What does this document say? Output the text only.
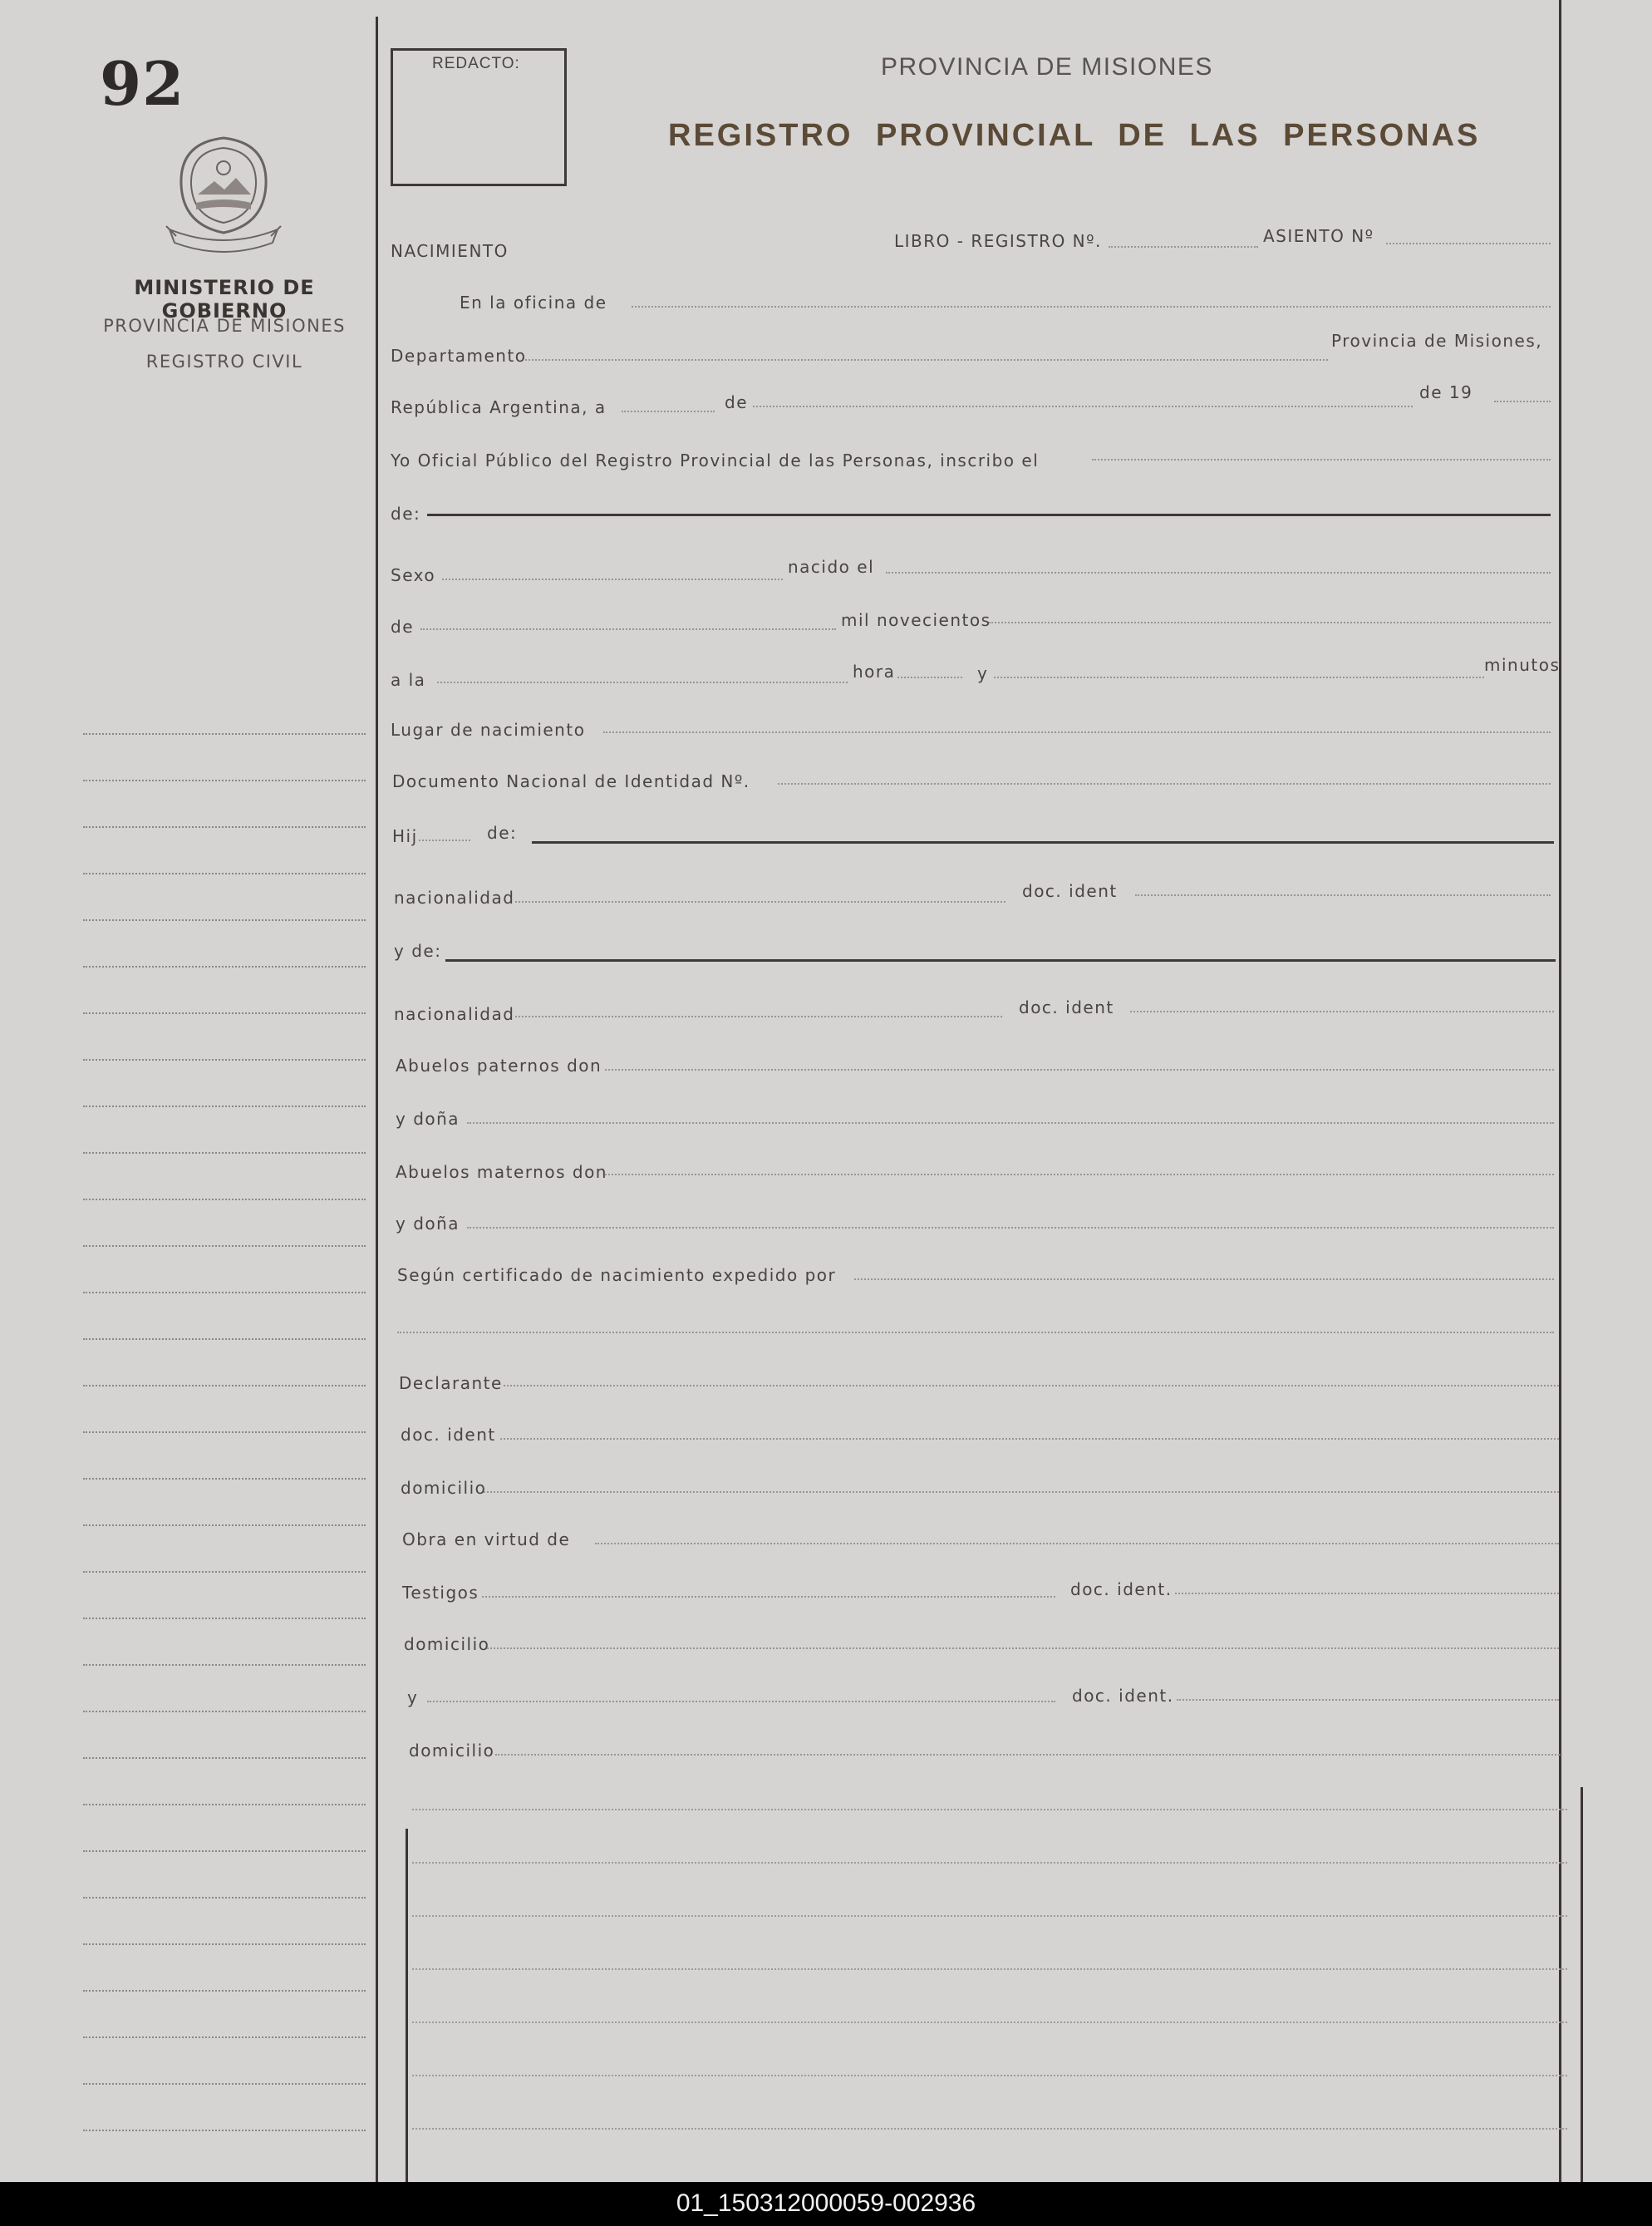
92
MINISTERIO DE GOBIERNO
PROVINCIA DE MISIONES
REGISTRO CIVIL
REDACTO:	PROVINCIA DE MISIONES
REGISTRO PROVINCIAL DE LAS PERSONAS
NACIMIENTO	LIBRO - REGISTRO Nº.	ASIENTO Nº
En la oficina de
Departamento
Provincia de Misiones,
República Argentina, a	de	de 19
Yo Oficial Público del Registro Provincial de las Personas, inscribo el
de:
Sexo	nacido el
de	mil novecientos
a la	hora	y	minutos
Lugar de nacimiento
Documento Nacional de Identidad Nº.
Hij	de:
nacionalidad	doc. ident
y de:
nacionalidad	doc. ident
Abuelos paternos don
y doña
Abuelos maternos don
y doña
Según certificado de nacimiento expedido por
Declarante
doc. ident
domicilio
Obra en virtud de
Testigos	doc. ident.
domicilio
y	doc. ident.
domicilio
01_150312000059-002936
